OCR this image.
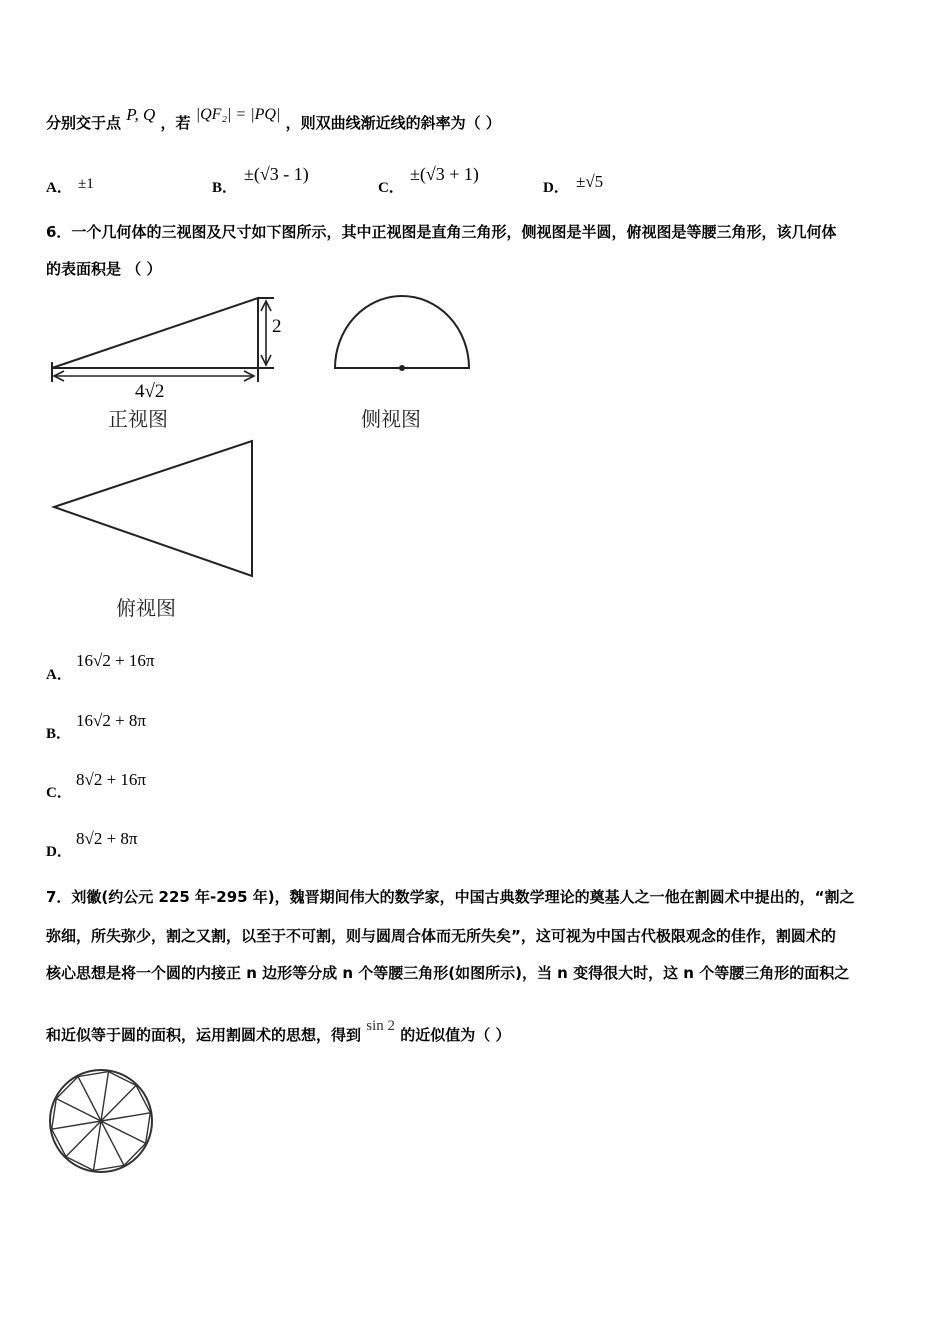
分别交于点 P, Q ，若 |QF₂| = |PQ| ，则双曲线渐近线的斜率为（ ）
A． ±1	B．
±(√3 - 1)
C．
±(√3 + 1)
D． ±√5
6．一个几何体的三视图及尺寸如下图所示，其中正视图是直角三角形，侧视图是半圆，俯视图是等腰三角形，该几何体
的表面积是 （ ）
2
4√2
正视图	侧视图
俯视图
A．
16√2 + 16π
B．
16√2 + 8π
C．
8√2 + 16π
D．
8√2 + 8π
7．刘徽(约公元 225 年-295 年)，魏晋期间伟大的数学家，中国古典数学理论的奠基人之一他在割圆术中提出的，“割之
弥细，所失弥少，割之又割，以至于不可割，则与圆周合体而无所失矣”，这可视为中国古代极限观念的佳作，割圆术的
核心思想是将一个圆的内接正 n 边形等分成 n 个等腰三角形(如图所示)，当 n 变得很大时，这 n 个等腰三角形的面积之
和近似等于圆的面积，运用割圆术的思想，得到 sin 2 的近似值为（ ）
